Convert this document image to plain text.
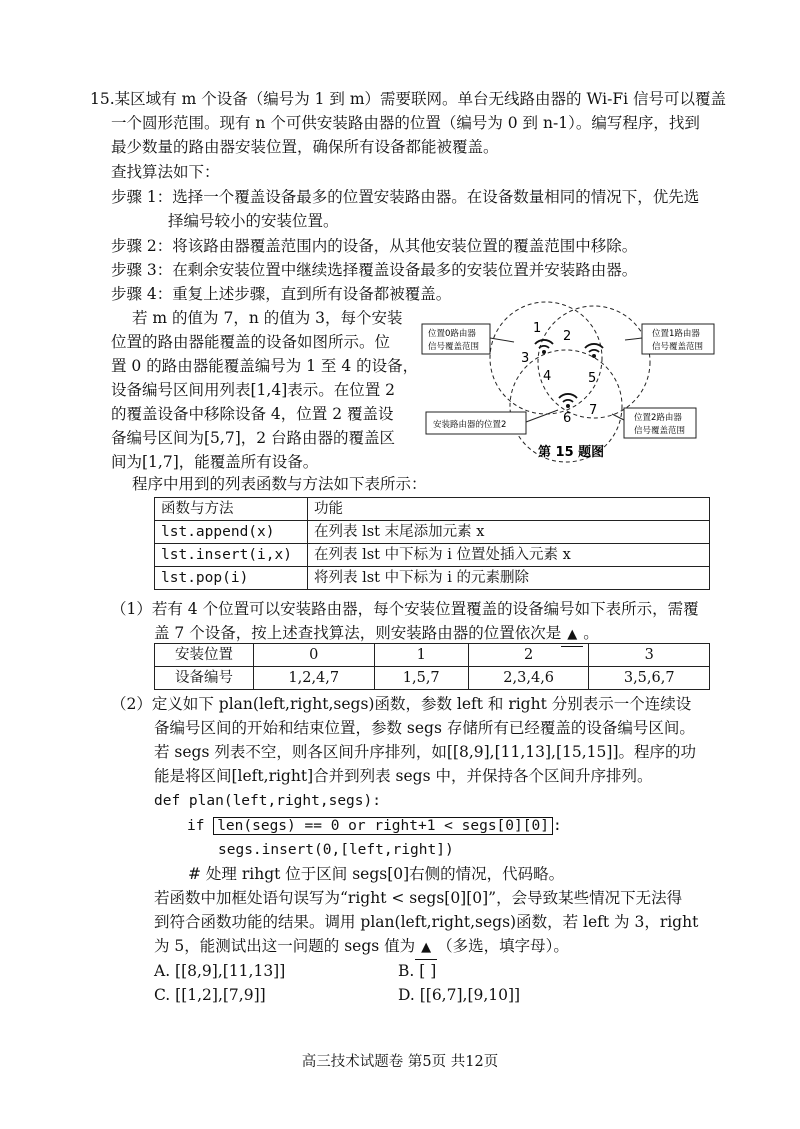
15.某区域有 m 个设备（编号为 1 到 m）需要联网。单台无线路由器的 Wi-Fi 信号可以覆盖
一个圆形范围。现有 n 个可供安装路由器的位置（编号为 0 到 n-1）。编写程序，找到
最少数量的路由器安装位置，确保所有设备都能被覆盖。
查找算法如下：
步骤 1：选择一个覆盖设备最多的位置安装路由器。在设备数量相同的情况下，优先选
择编号较小的安装位置。
步骤 2：将该路由器覆盖范围内的设备，从其他安装位置的覆盖范围中移除。
步骤 3：在剩余安装位置中继续选择覆盖设备最多的安装位置并安装路由器。
步骤 4：重复上述步骤，直到所有设备都被覆盖。
若 m 的值为 7，n 的值为 3，每个安装
位置的路由器能覆盖的设备如图所示。位
置 0 的路由器能覆盖编号为 1 至 4 的设备，
设备编号区间用列表[1,4]表示。在位置 2
的覆盖设备中移除设备 4，位置 2 覆盖设
备编号区间为[5,7]，2 台路由器的覆盖区
间为[1,7]，能覆盖所有设备。
1
2
3
4	5
6
7
位置0路由器
信号覆盖范围
位置1路由器
信号覆盖范围
安装路由器的位置2
位置2路由器
信号覆盖范围
第 15 题图
程序中用到的列表函数与方法如下表所示：
函数与方法	功能
lst.append(x)	在列表 lst 末尾添加元素 x
lst.insert(i,x)	在列表 lst 中下标为 i 位置处插入元素 x
lst.pop(i)	将列表 lst 中下标为 i 的元素删除
（1）若有 4 个位置可以安装路由器，每个安装位置覆盖的设备编号如下表所示，需覆
盖 7 个设备，按上述查找算法，则安装路由器的位置依次是 ▲ 。
安装位置	0	1	2	3
设备编号	1,2,4,7	1,5,7	2,3,4,6	3,5,6,7
（2）定义如下 plan(left,right,segs)函数，参数 left 和 right 分别表示一个连续设
备编号区间的开始和结束位置，参数 segs 存储所有已经覆盖的设备编号区间。
若 segs 列表不空，则各区间升序排列，如[[8,9],[11,13],[15,15]]。程序的功
能是将区间[left,right]合并到列表 segs 中，并保持各个区间升序排列。
def plan(left,right,segs):
if len(segs) == 0 or right+1 < segs[0][0] :
segs.insert(0,[left,right])
# 处理 rihgt 位于区间 segs[0]右侧的情况，代码略。
若函数中加框处语句误写为“right < segs[0][0]”，会导致某些情况下无法得
到符合函数功能的结果。调用 plan(left,right,segs)函数，若 left 为 3，right
为 5，能测试出这一问题的 segs 值为 ▲ （多选，填字母）。
A. [[8,9],[11,13]]	B. [ ]
C. [[1,2],[7,9]]	D. [[6,7],[9,10]]
高三技术试题卷 第5页 共12页
